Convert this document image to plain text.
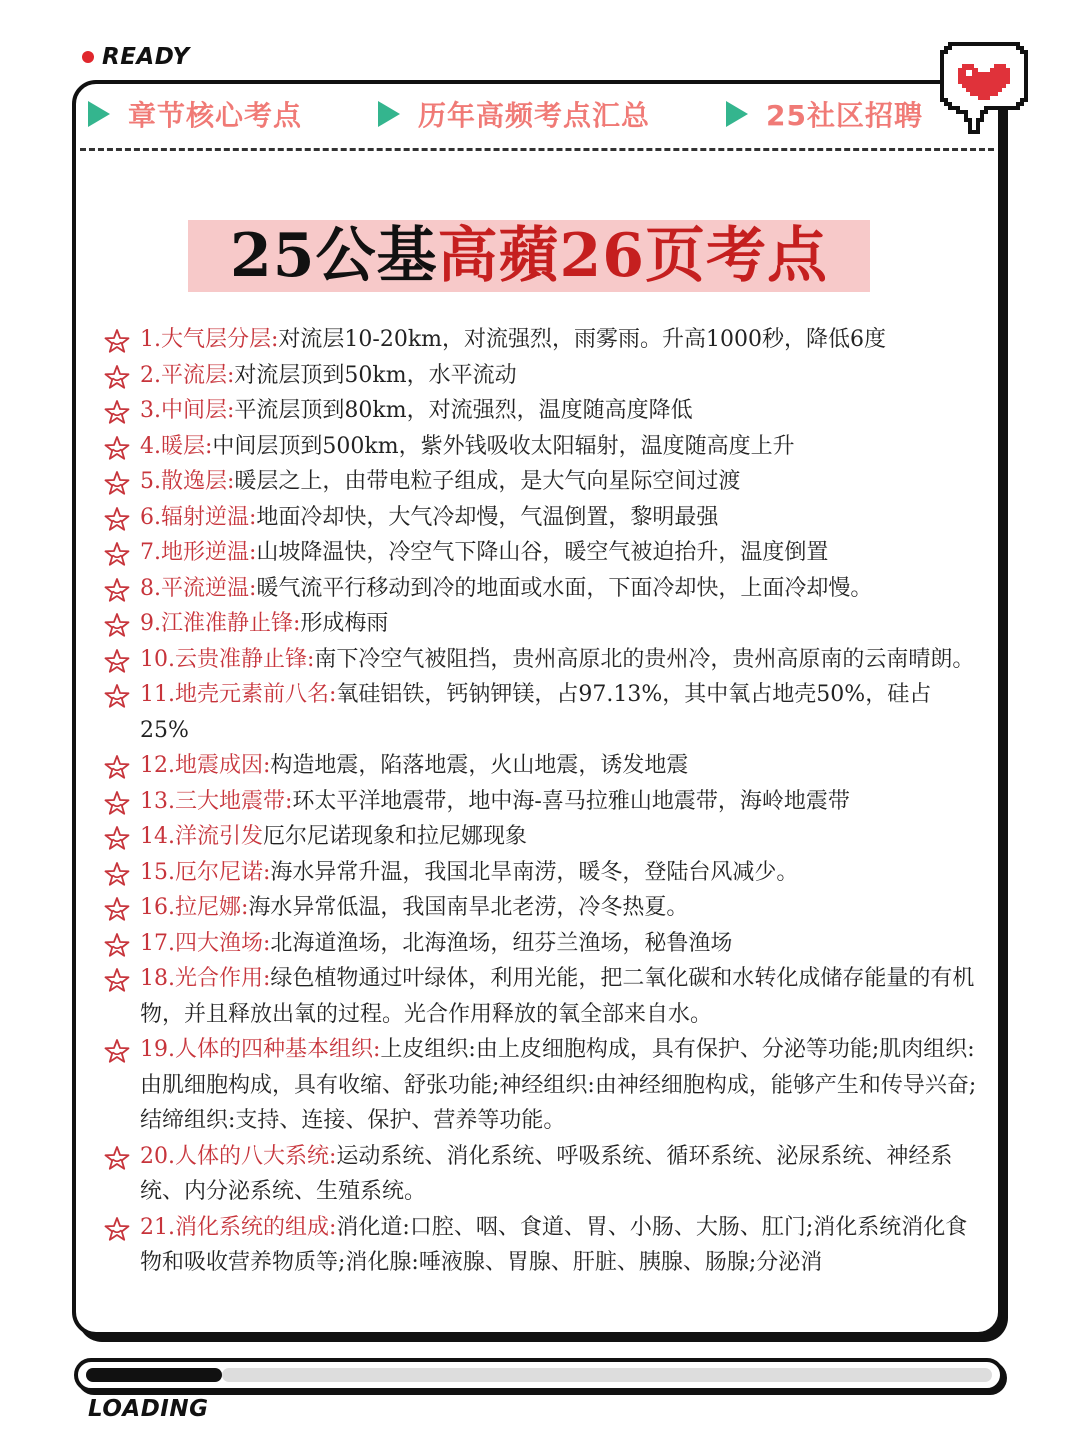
READY
章节核心考点	历年高频考点汇总	25社区招聘
25公基 高蘋26页考点
1.大气层分层:对流层10-20km，对流强烈，雨雾雨。升高1000秒，降低6度
2.平流层:对流层顶到50km，水平流动
3.中间层:平流层顶到80km，对流强烈，温度随高度降低
4.暖层:中间层顶到500km，紫外钱吸收太阳辐射，温度随高度上升
5.散逸层:暖层之上，由带电粒子组成，是大气向星际空间过渡
6.辐射逆温:地面冷却快，大气冷却慢，气温倒置，黎明最强
7.地形逆温:山坡降温快，冷空气下降山谷，暖空气被迫抬升，温度倒置
8.平流逆温:暖气流平行移动到冷的地面或水面，下面冷却快，上面冷却慢。
9.江淮准静止锋:形成梅雨
10.云贵准静止锋:南下冷空气被阻挡，贵州高原北的贵州冷，贵州高原南的云南晴朗。
11.地壳元素前八名:氧硅铝铁，钙钠钾镁，占97.13%，其中氧占地壳50%，硅占25%
12.地震成因:构造地震，陷落地震，火山地震，诱发地震
13.三大地震带:环太平洋地震带，地中海-喜马拉雅山地震带，海岭地震带
14.洋流引发厄尔尼诺现象和拉尼娜现象
15.厄尔尼诺:海水异常升温，我国北旱南涝，暖冬，登陆台风减少。
16.拉尼娜:海水异常低温，我国南旱北老涝，冷冬热夏。
17.四大渔场:北海道渔场，北海渔场，纽芬兰渔场，秘鲁渔场
18.光合作用:绿色植物通过叶绿体，利用光能，把二氧化碳和水转化成储存能量的有机物，并且释放出氧的过程。光合作用释放的氧全部来自水。
19.人体的四种基本组织:上皮组织:由上皮细胞构成，具有保护、分泌等功能;肌肉组织:由肌细胞构成，具有收缩、舒张功能;神经组织:由神经细胞构成，能够产生和传导兴奋;结缔组织:支持、连接、保护、营养等功能。
20.人体的八大系统:运动系统、消化系统、呼吸系统、循环系统、泌尿系统、神经系统、内分泌系统、生殖系统。
21.消化系统的组成:消化道:口腔、咽、食道、胃、小肠、大肠、肛门;消化系统消化食物和吸收营养物质等;消化腺:唾液腺、胃腺、肝脏、胰腺、肠腺;分泌消
LOADING
